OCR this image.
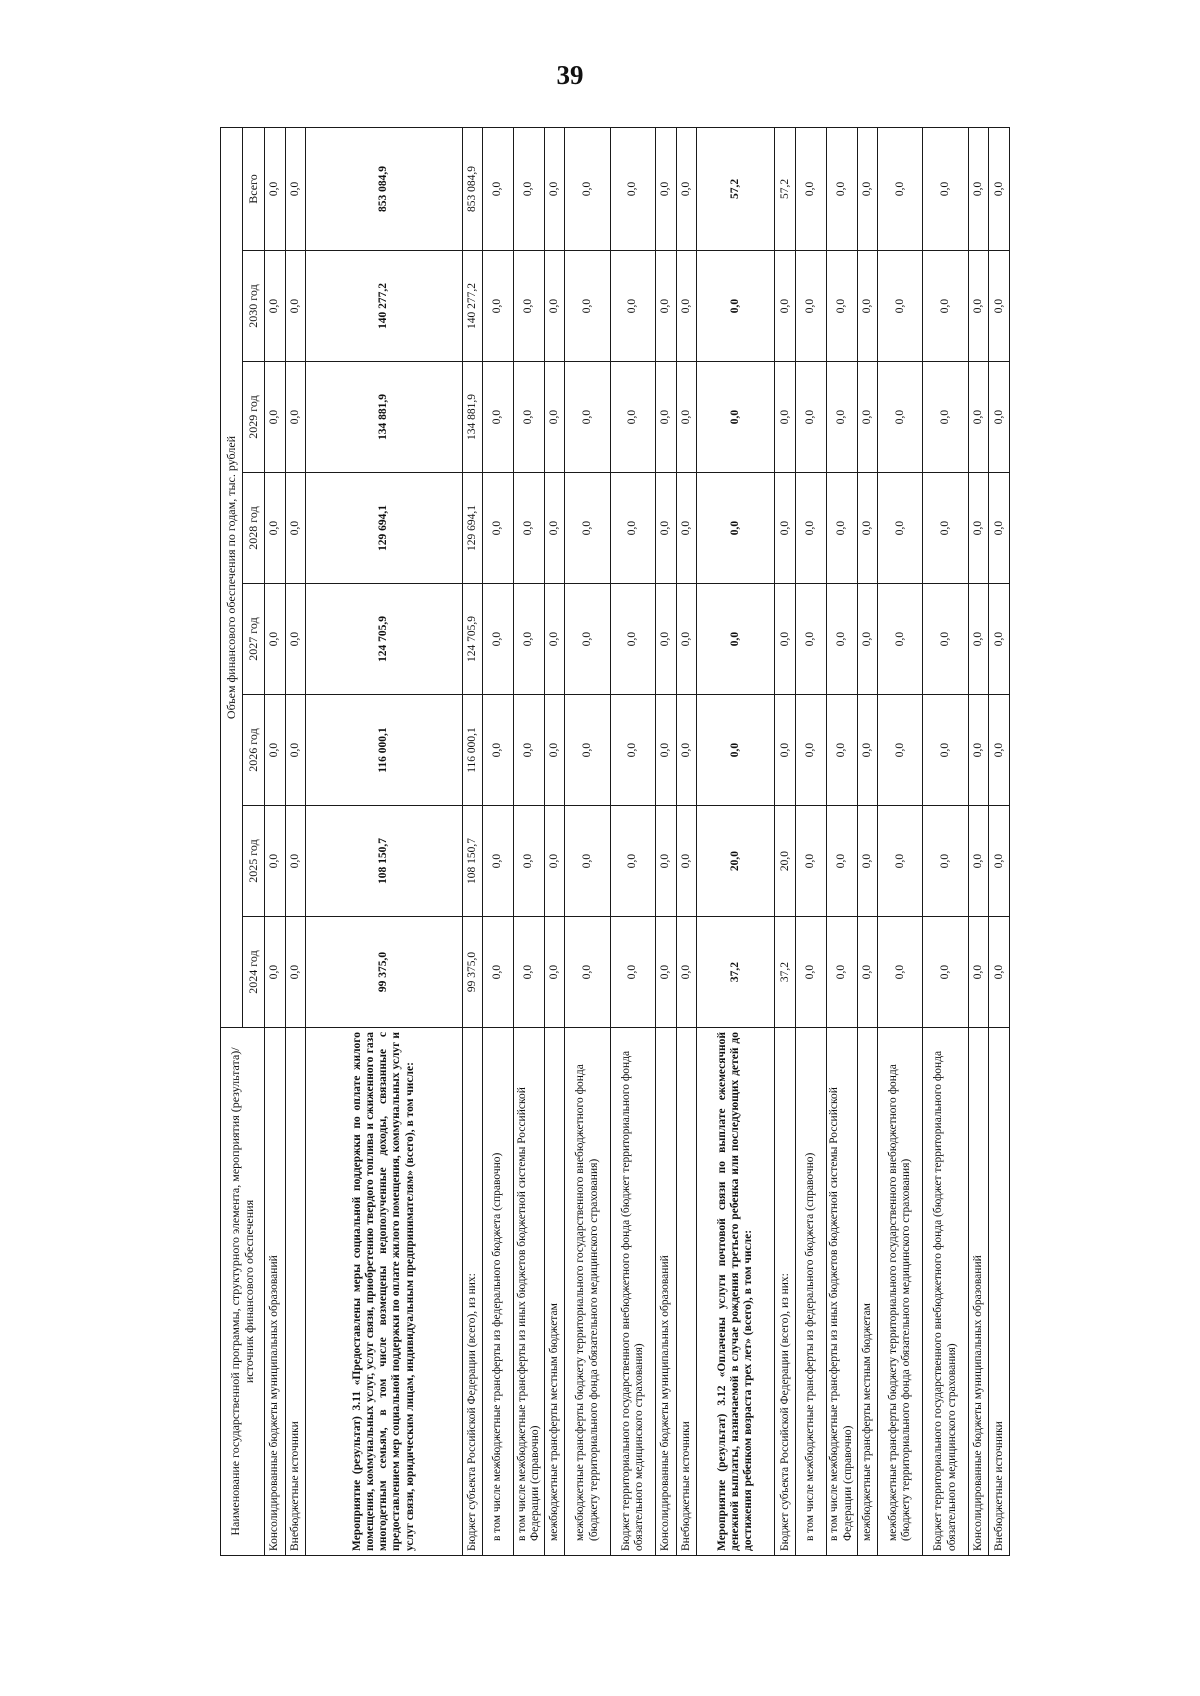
39
Наименование государственной программы, структурного элемента, мероприятия (результата)/источник финансового обеспечения	Объем финансового обеспечения по годам, тыс. рублей							
	2024 год	2025 год	2026 год	2027 год	2028 год	2029 год	2030 год	Всего
Консолидированные бюджеты муниципальных образований	0,0	0,0	0,0	0,0	0,0	0,0	0,0	0,0
Внебюджетные источники	0,0	0,0	0,0	0,0	0,0	0,0	0,0	0,0
Мероприятие (результат) 3.11 «Предоставлены меры социальной поддержки по оплате жилого помещения, коммунальных услуг, услуг связи, приобретению твердого топлива и сжиженного газа многодетным семьям, в том числе возмещены недополученные доходы, связанные с предоставлением мер социальной поддержки по оплате жилого помещения, коммунальных услуг и услуг связи, юридическим лицам, индивидуальным предпринимателям» (всего), в том числе:	99 375,0	108 150,7	116 000,1	124 705,9	129 694,1	134 881,9	140 277,2	853 084,9
Бюджет субъекта Российской Федерации (всего), из них:	99 375,0	108 150,7	116 000,1	124 705,9	129 694,1	134 881,9	140 277,2	853 084,9
в том числе межбюджетные трансферты из федерального бюджета (справочно)	0,0	0,0	0,0	0,0	0,0	0,0	0,0	0,0
в том числе межбюджетные трансферты из иных бюджетов бюджетной системы Российской Федерации (справочно)	0,0	0,0	0,0	0,0	0,0	0,0	0,0	0,0
межбюджетные трансферты местным бюджетам	0,0	0,0	0,0	0,0	0,0	0,0	0,0	0,0
межбюджетные трансферты бюджету территориального государственного внебюджетного фонда (бюджету территориального фонда обязательного медицинского страхования)	0,0	0,0	0,0	0,0	0,0	0,0	0,0	0,0
Бюджет территориального государственного внебюджетного фонда (бюджет территориального фонда обязательного медицинского страхования)	0,0	0,0	0,0	0,0	0,0	0,0	0,0	0,0
Консолидированные бюджеты муниципальных образований	0,0	0,0	0,0	0,0	0,0	0,0	0,0	0,0
Внебюджетные источники	0,0	0,0	0,0	0,0	0,0	0,0	0,0	0,0
Мероприятие (результат) 3.12 «Оплачены услуги почтовой связи по выплате ежемесячной денежной выплаты, назначаемой в случае рождения третьего ребенка или последующих детей до достижения ребенком возраста трех лет» (всего), в том числе:	37,2	20,0	0,0	0,0	0,0	0,0	0,0	57,2
Бюджет субъекта Российской Федерации (всего), из них:	37,2	20,0	0,0	0,0	0,0	0,0	0,0	57,2
в том числе межбюджетные трансферты из федерального бюджета (справочно)	0,0	0,0	0,0	0,0	0,0	0,0	0,0	0,0
в том числе межбюджетные трансферты из иных бюджетов бюджетной системы Российской Федерации (справочно)	0,0	0,0	0,0	0,0	0,0	0,0	0,0	0,0
межбюджетные трансферты местным бюджетам	0,0	0,0	0,0	0,0	0,0	0,0	0,0	0,0
межбюджетные трансферты бюджету территориального государственного внебюджетного фонда (бюджету территориального фонда обязательного медицинского страхования)	0,0	0,0	0,0	0,0	0,0	0,0	0,0	0,0
Бюджет территориального государственного внебюджетного фонда (бюджет территориального фонда обязательного медицинского страхования)	0,0	0,0	0,0	0,0	0,0	0,0	0,0	0,0
Консолидированные бюджеты муниципальных образований	0,0	0,0	0,0	0,0	0,0	0,0	0,0	0,0
Внебюджетные источники	0,0	0,0	0,0	0,0	0,0	0,0	0,0	0,0
